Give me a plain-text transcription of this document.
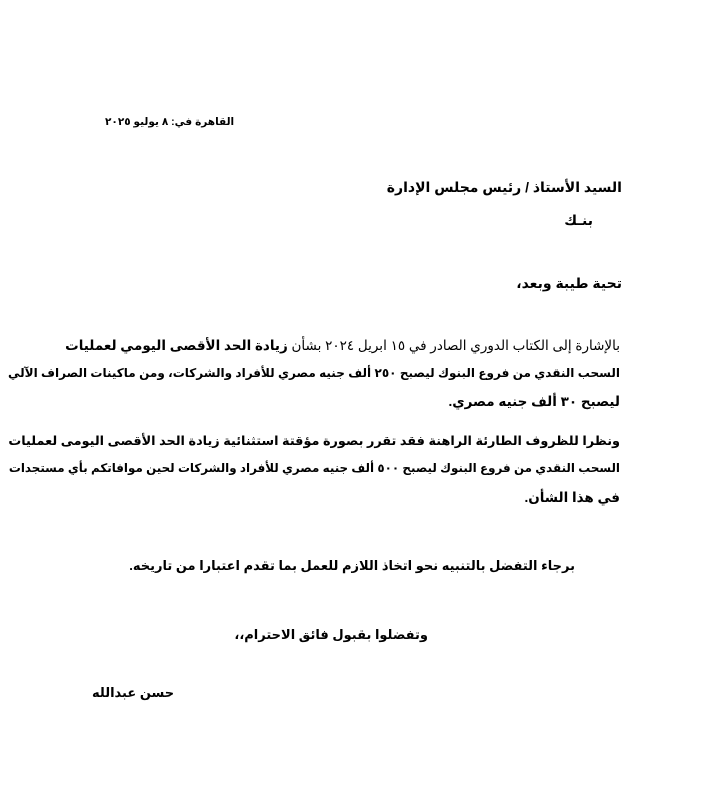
القاهرة في: ٨ يوليو ٢٠٢٥
السيد الأستاذ / رئيس مجلس الإدارة
بنـك
تحية طيبة وبعد،
بالإشارة إلى الكتاب الدوري الصادر في ١٥ ابريل ٢٠٢٤ بشأن زيادة الحد الأقصى اليومي لعمليات
السحب النقدي من فروع البنوك ليصبح ٢٥٠ ألف جنيه مصري للأفراد والشركات، ومن ماكينات الصراف الآلي
ليصبح ٣٠ ألف جنيه مصري.
ونظرا للظروف الطارئة الراهنة فقد تقرر بصورة مؤقتة استثنائية زيادة الحد الأقصى اليومى لعمليات
السحب النقدي من فروع البنوك ليصبح ٥٠٠ ألف جنيه مصري للأفراد والشركات لحين موافاتكم بأي مستجدات
في هذا الشأن.
برجاء التفضل بالتنبيه نحو اتخاذ اللازم للعمل بما تقدم اعتبارا من تاريخه.
وتفضلوا بقبول فائق الاحترام،،
حسن عبدالله
